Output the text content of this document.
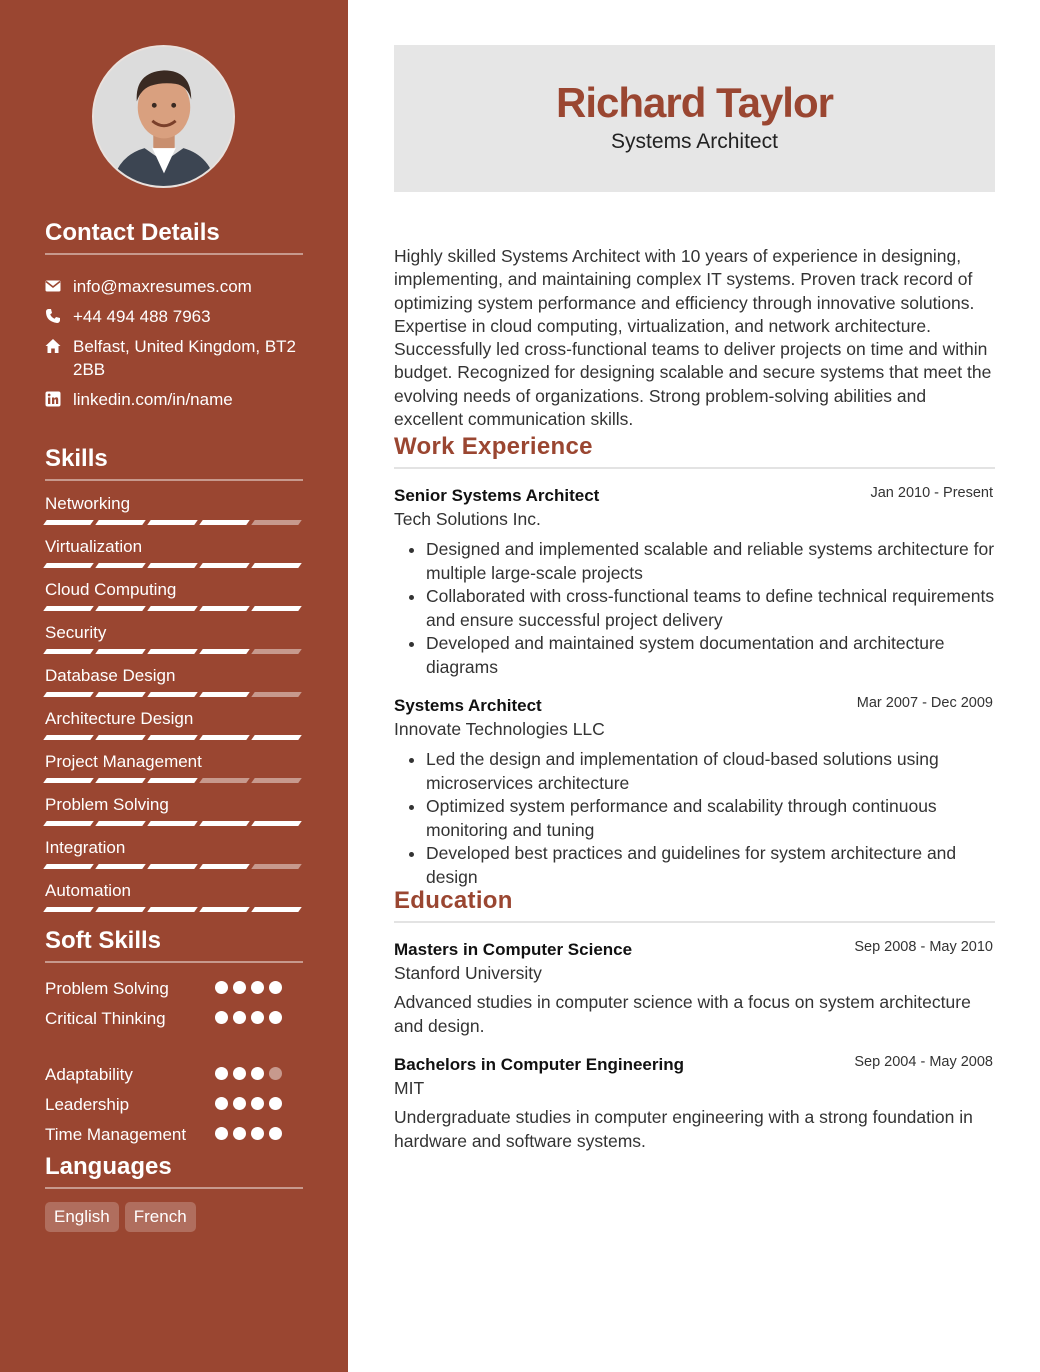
Contact Details
info@maxresumes.com
+44 494 488 7963
Belfast, United Kingdom, BT2 2BB
linkedin.com/in/name
Skills
Networking
Virtualization
Cloud Computing
Security
Database Design
Architecture Design
Project Management
Problem Solving
Integration
Automation
Soft Skills
Problem Solving
Critical Thinking
Adaptability
Leadership
Time Management
Languages
English	French
Richard Taylor
Systems Architect

Highly skilled Systems Architect with 10 years of experience in designing, implementing, and maintaining complex IT systems. Proven track record of optimizing system performance and efficiency through innovative solutions. Expertise in cloud computing, virtualization, and network architecture. Successfully led cross-functional teams to deliver projects on time and within budget. Recognized for designing scalable and secure systems that meet the evolving needs of organizations. Strong problem-solving abilities and excellent communication skills.

Work Experience
Senior Systems Architect	Jan 2010 - Present
Tech Solutions Inc.
• Designed and implemented scalable and reliable systems architecture for multiple large-scale projects
• Collaborated with cross-functional teams to define technical requirements and ensure successful project delivery
• Developed and maintained system documentation and architecture diagrams
Systems Architect	Mar 2007 - Dec 2009
Innovate Technologies LLC
• Led the design and implementation of cloud-based solutions using microservices architecture
• Optimized system performance and scalability through continuous monitoring and tuning
• Developed best practices and guidelines for system architecture and design
Education
Masters in Computer Science	Sep 2008 - May 2010
Stanford University
Advanced studies in computer science with a focus on system architecture and design.
Bachelors in Computer Engineering	Sep 2004 - May 2008
MIT
Undergraduate studies in computer engineering with a strong foundation in hardware and software systems.
